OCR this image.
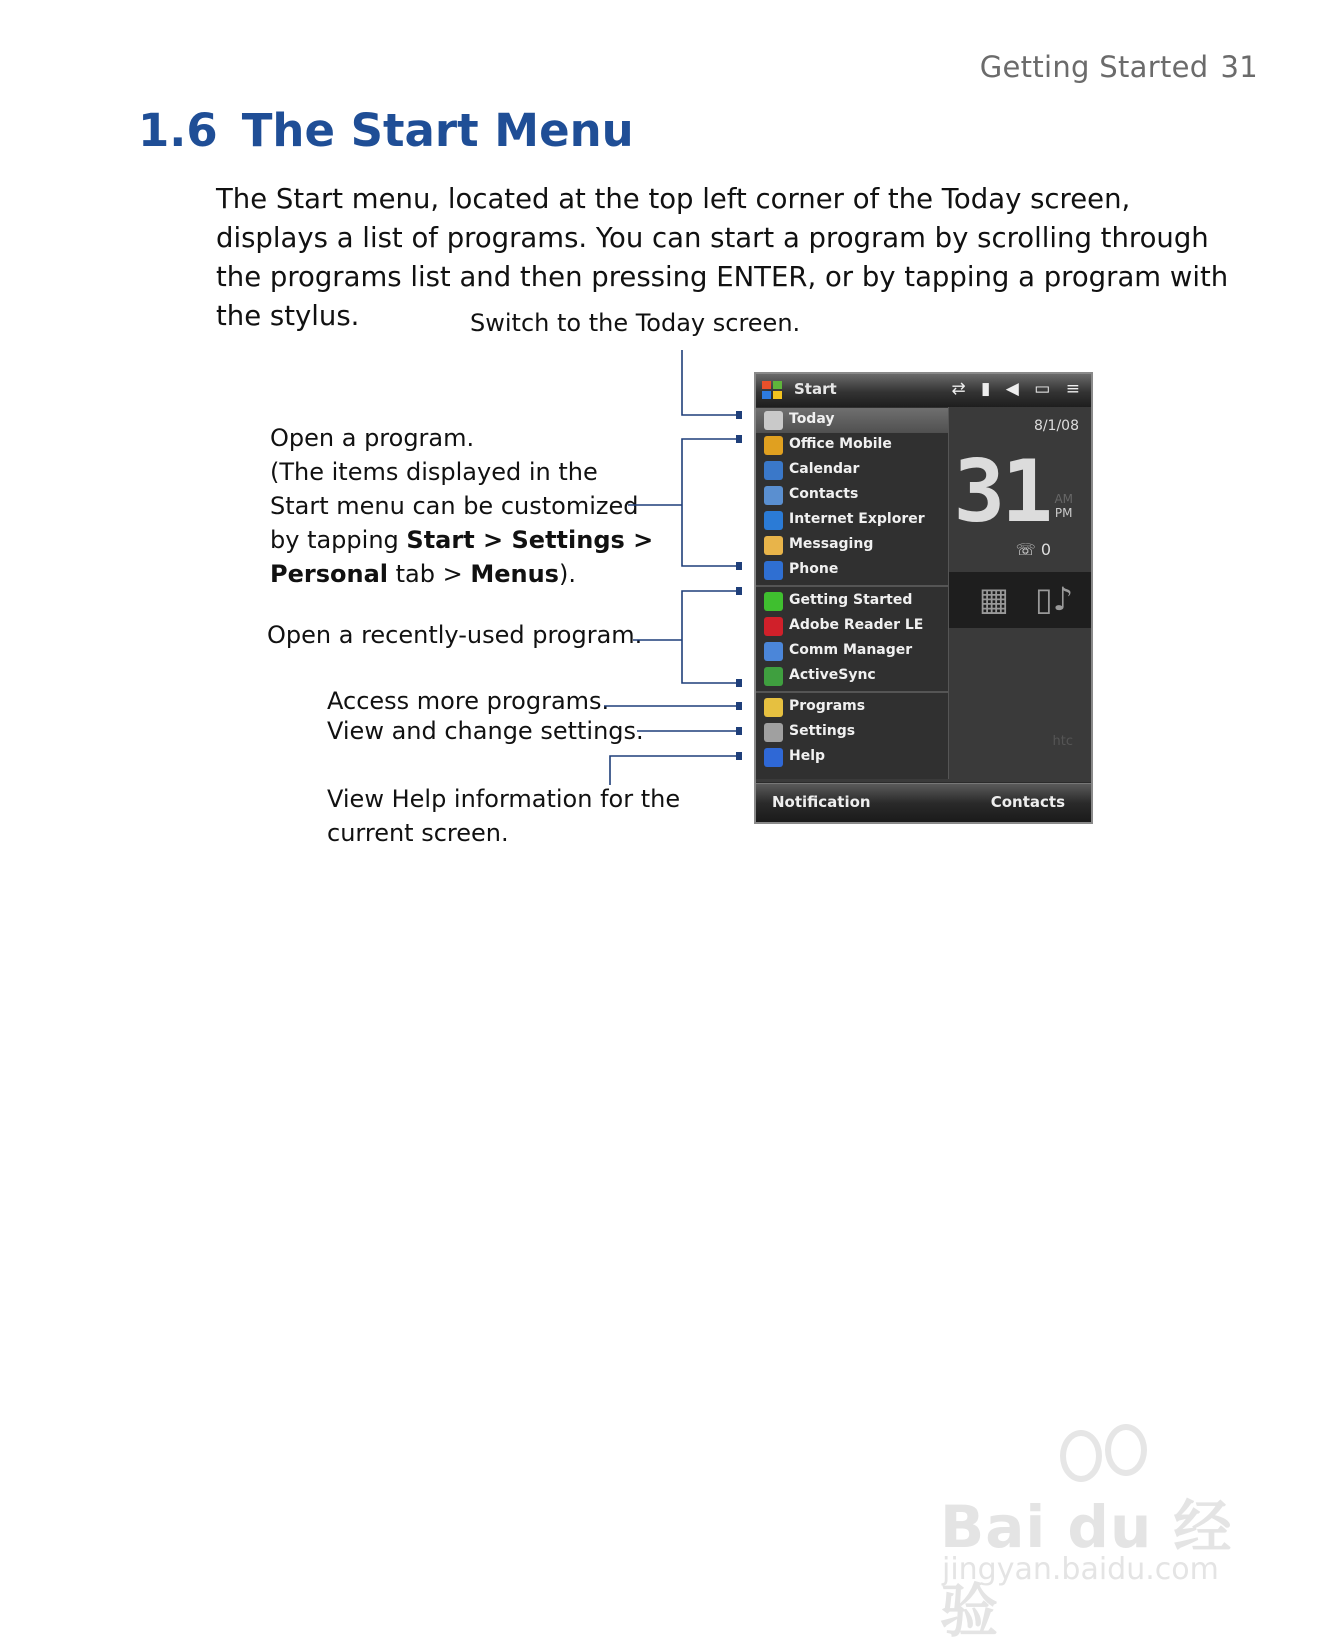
Getting Started 31
1.6 The Start Menu

The Start menu, located at the top left corner of the Today screen, displays a list of programs. You can start a program by scrolling through the programs list and then pressing ENTER, or by tapping a program with the stylus.	Switch to the Today screen.
Open a program.
(The items displayed in the
Start menu can be customized
by tapping Start > Settings >
Personal tab > Menus).
Open a recently-used program.
Access more programs.
View and change settings.
View Help information for the
current screen.
Start	⇄ ▮ ◀ ▭ ≡
8/1/08
31 AM
PM
☏ 0
▦ ▯♪
htc
Today
Office Mobile
Calendar
Contacts
Internet Explorer
Messaging
Phone
Getting Started
Adobe Reader LE
Comm Manager
ActiveSync
Programs
Settings
Help
Notification	Contacts
Bai du 经验
jingyan.baidu.com
